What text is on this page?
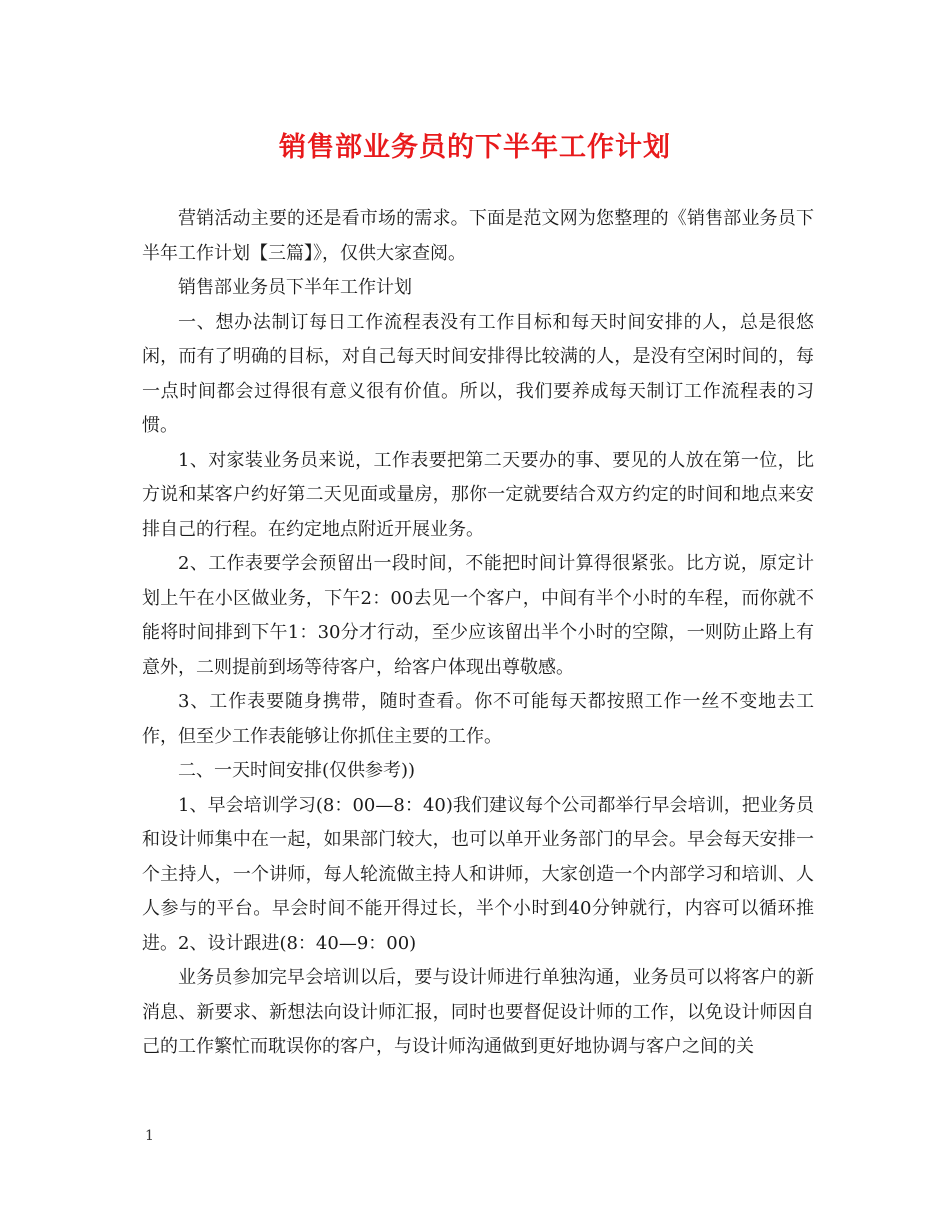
销售部业务员的下半年工作计划

营销活动主要的还是看市场的需求。下面是范文网为您整理的《销售部业务员下半年工作计划【三篇】》，仅供大家查阅。

销售部业务员下半年工作计划

一、想办法制订每日工作流程表没有工作目标和每天时间安排的人，总是很悠闲，而有了明确的目标，对自己每天时间安排得比较满的人，是没有空闲时间的，每一点时间都会过得很有意义很有价值。所以，我们要养成每天制订工作流程表的习惯。

1、对家装业务员来说，工作表要把第二天要办的事、要见的人放在第一位，比方说和某客户约好第二天见面或量房，那你一定就要结合双方约定的时间和地点来安排自己的行程。在约定地点附近开展业务。

2、工作表要学会预留出一段时间，不能把时间计算得很紧张。比方说，原定计划上午在小区做业务，下午2：00去见一个客户，中间有半个小时的车程，而你就不能将时间排到下午1：30分才行动，至少应该留出半个小时的空隙，一则防止路上有意外，二则提前到场等待客户，给客户体现出尊敬感。

3、工作表要随身携带，随时查看。你不可能每天都按照工作一丝不变地去工作，但至少工作表能够让你抓住主要的工作。

二、一天时间安排(仅供参考))

1、早会培训学习(8：00—8：40)我们建议每个公司都举行早会培训，把业务员和设计师集中在一起，如果部门较大，也可以单开业务部门的早会。早会每天安排一个主持人，一个讲师，每人轮流做主持人和讲师，大家创造一个内部学习和培训、人人参与的平台。早会时间不能开得过长，半个小时到40分钟就行，内容可以循环推进。2、设计跟进(8：40—9：00)

业务员参加完早会培训以后，要与设计师进行单独沟通，业务员可以将客户的新消息、新要求、新想法向设计师汇报，同时也要督促设计师的工作，以免设计师因自己的工作繁忙而耽误你的客户，与设计师沟通做到更好地协调与客户之间的关

1
